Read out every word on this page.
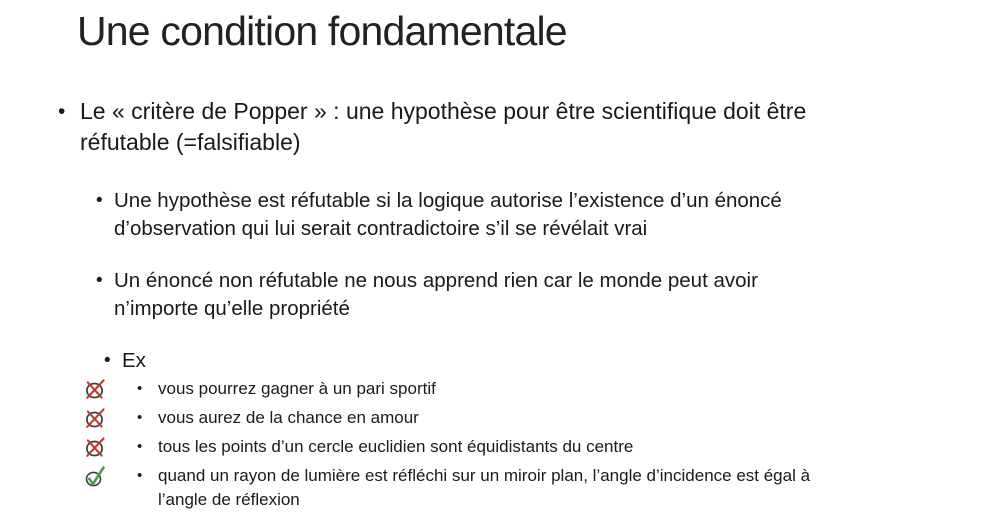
Une condition fondamentale
• Le « critère de Popper » : une hypothèse pour être scientifique doit être
réfutable (=falsifiable)
• Une hypothèse est réfutable si la logique autorise l’existence d’un énoncé
d’observation qui lui serait contradictoire s’il se révélait vrai
• Un énoncé non réfutable ne nous apprend rien car le monde peut avoir
n’importe qu’elle propriété
• Ex
• vous pourrez gagner à un pari sportif
• vous aurez de la chance en amour
• tous les points d’un cercle euclidien sont équidistants du centre
• quand un rayon de lumière est réfléchi sur un miroir plan, l’angle d’incidence est égal à
l’angle de réflexion
